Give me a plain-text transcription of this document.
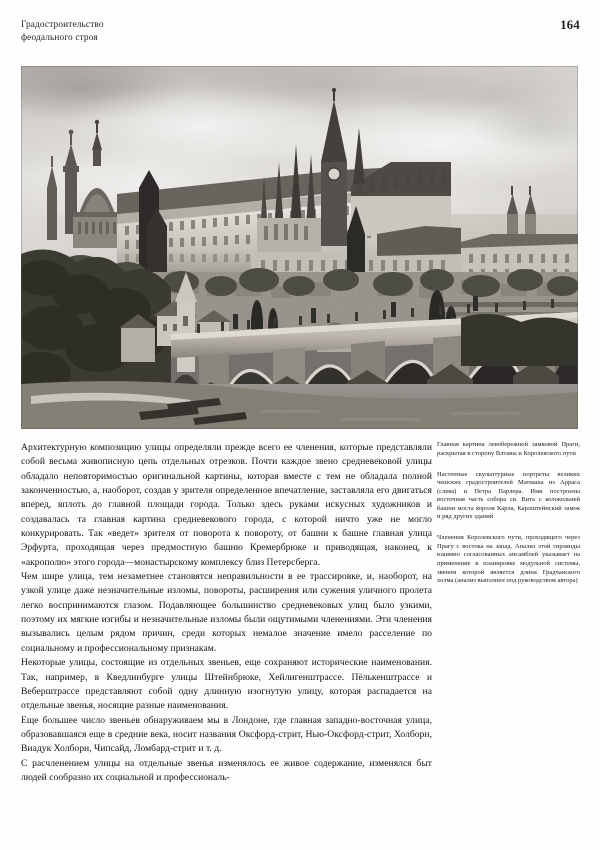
Градостроительство
феодального строя
164

Архитектурную композицию улицы определяли прежде всего ее членения, которые представляли собой весьма живописную цепь отдельных отрезков. Почти каждое звено средневековой улицы обладало неповторимостью оригинальной картины, которая вместе с тем не обладала полной законченностью, а, наоборот, создав у зрителя определенное впечатление, заставляла его двигаться вперед, вплоть до главной площади города. Только здесь руками искусных художников и создавалась та главная картина средневекового города, с которой ничто уже не могло конкурировать. Так «ведет» зрителя от поворота к повороту, от башни к башне главная улица Эрфурта, проходящая через предмостную башню Кремербрюке и приводящая, наконец, к «акрополю» этого города—монастырскому комплексу близ Петерсберга.

Чем шире улица, тем незаметнее становятся неправильности в ее трассировке, и, наоборот, на узкой улице даже незначительные изломы, повороты, расширения или сужения уличного пролета легко воспринимаются глазом. Подавляющее большинство средневековых улиц было узкими, поэтому их мягкие изгибы и незначительные изломы были ощутимыми членениями. Эти членения вызывались целым рядом причин, среди которых немалое значение имело расселение по социальному и профессиональному признакам.

Некоторые улицы, состоящие из отдельных звеньев, еще сохраняют исторические наименования. Так, например, в Кведлинбурге улицы Штейнбрюке, Хейлигенштрассе. Пёлькенштрассе и Веберштрассе представляют собой одну длинную изогнутую улицу, которая распадается на отдельные звенья, носящие разные наименования.

Еще большее число звеньев обнаруживаем мы в Лондоне, где главная западно-восточная улица, образовавшаяся еще в средние века, носит названия Оксфорд-стрит, Нью-Оксфорд-стрит, Холборн, Виадук Холборн, Чипсайд, Ломбард-стрит и т. д.

С расчленением улицы на отдельные звенья изменялось ее живое содержание, изменялся быт людей сообразно их социальной и профессиональ-

Главная картина левобережной замковой Праги, раскрытая в сторону Влтавы и Королевского пути

Настенные скульптурные портреты великих чешских градостроителей Матиаша из Арраса (слева) и Петра Парлера. Ими построены восточная часть собора св. Вита с колокольней башни моста короля Карла, Карлштейнский замок и ряд других зданий

Членения Королевского пути, проходящего через Прагу с востока на запад. Анализ этой гирлянды взаимно согласованных ансамблей указывает на применение в планировке модульной системы, звеном которой является длина Градчанского холма (анализ выполнен под руководством автора)
